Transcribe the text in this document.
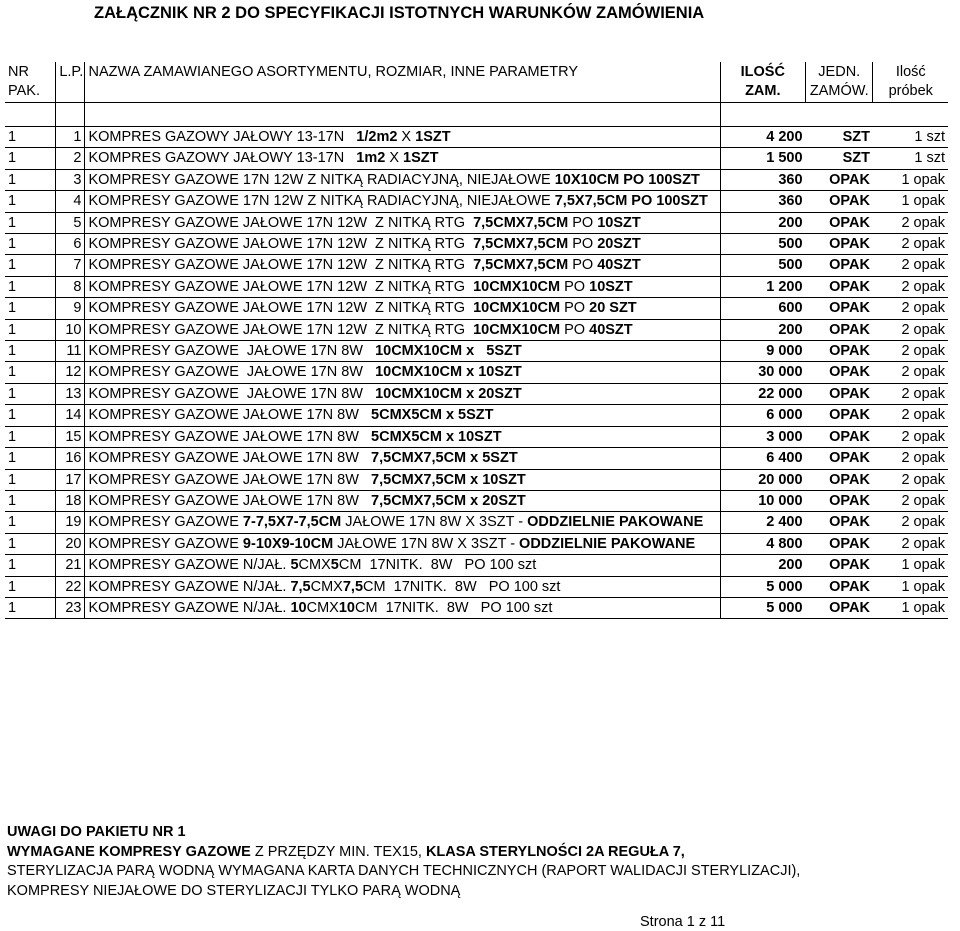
ZAŁĄCZNIK NR 2 DO SPECYFIKACJI ISTOTNYCH WARUNKÓW ZAMÓWIENIA
NR PAK.	L.P.	NAZWA ZAMAWIANEGO ASORTYMENTU, ROZMIAR, INNE PARAMETRY	ILOŚĆ ZAM.	JEDN. ZAMÓW.	Ilość próbek

1	1	KOMPRES GAZOWY JAŁOWY 13-17N   1/2m2 X 1SZT	4 200	SZT	1 szt
1	2	KOMPRES GAZOWY JAŁOWY 13-17N   1m2 X 1SZT	1 500	SZT	1 szt
1	3	KOMPRESY GAZOWE 17N 12W Z NITKĄ RADIACYJNĄ, NIEJAŁOWE 10X10CM PO 100SZT	360	OPAK	1 opak
1	4	KOMPRESY GAZOWE 17N 12W Z NITKĄ RADIACYJNĄ, NIEJAŁOWE 7,5X7,5CM PO 100SZT	360	OPAK	1 opak
1	5	KOMPRESY GAZOWE JAŁOWE 17N 12W  Z NITKĄ RTG  7,5CMX7,5CM PO 10SZT	200	OPAK	2 opak
1	6	KOMPRESY GAZOWE JAŁOWE 17N 12W  Z NITKĄ RTG  7,5CMX7,5CM PO 20SZT	500	OPAK	2 opak
1	7	KOMPRESY GAZOWE JAŁOWE 17N 12W  Z NITKĄ RTG  7,5CMX7,5CM PO 40SZT	500	OPAK	2 opak
1	8	KOMPRESY GAZOWE JAŁOWE 17N 12W  Z NITKĄ RTG  10CMX10CM PO 10SZT	1 200	OPAK	2 opak
1	9	KOMPRESY GAZOWE JAŁOWE 17N 12W  Z NITKĄ RTG  10CMX10CM PO 20 SZT	600	OPAK	2 opak
1	10	KOMPRESY GAZOWE JAŁOWE 17N 12W  Z NITKĄ RTG  10CMX10CM PO 40SZT	200	OPAK	2 opak
1	11	KOMPRESY GAZOWE  JAŁOWE 17N 8W   10CMX10CM x   5SZT	9 000	OPAK	2 opak
1	12	KOMPRESY GAZOWE  JAŁOWE 17N 8W   10CMX10CM x 10SZT	30 000	OPAK	2 opak
1	13	KOMPRESY GAZOWE  JAŁOWE 17N 8W   10CMX10CM x 20SZT	22 000	OPAK	2 opak
1	14	KOMPRESY GAZOWE JAŁOWE 17N 8W   5CMX5CM x 5SZT	6 000	OPAK	2 opak
1	15	KOMPRESY GAZOWE JAŁOWE 17N 8W   5CMX5CM x 10SZT	3 000	OPAK	2 opak
1	16	KOMPRESY GAZOWE JAŁOWE 17N 8W   7,5CMX7,5CM x 5SZT	6 400	OPAK	2 opak
1	17	KOMPRESY GAZOWE JAŁOWE 17N 8W   7,5CMX7,5CM x 10SZT	20 000	OPAK	2 opak
1	18	KOMPRESY GAZOWE JAŁOWE 17N 8W   7,5CMX7,5CM x 20SZT	10 000	OPAK	2 opak
1	19	KOMPRESY GAZOWE 7-7,5X7-7,5CM JAŁOWE 17N 8W X 3SZT - ODDZIELNIE PAKOWANE	2 400	OPAK	2 opak
1	20	KOMPRESY GAZOWE 9-10X9-10CM JAŁOWE 17N 8W X 3SZT - ODDZIELNIE PAKOWANE	4 800	OPAK	2 opak
1	21	KOMPRESY GAZOWE N/JAŁ. 5CMX5CM  17NITK.  8W   PO 100 szt	200	OPAK	1 opak
1	22	KOMPRESY GAZOWE N/JAŁ. 7,5CMX7,5CM  17NITK.  8W   PO 100 szt	5 000	OPAK	1 opak
1	23	KOMPRESY GAZOWE N/JAŁ. 10CMX10CM  17NITK.  8W   PO 100 szt	5 000	OPAK	1 opak
UWAGI DO PAKIETU NR 1
WYMAGANE KOMPRESY GAZOWE Z PRZĘDZY MIN. TEX15, KLASA STERYLNOŚCI 2A REGUŁA 7,
STERYLIZACJA PARĄ WODNĄ WYMAGANA KARTA DANYCH TECHNICZNYCH (RAPORT WALIDACJI STERYLIZACJI),
KOMPRESY NIEJAŁOWE DO STERYLIZACJI TYLKO PARĄ WODNĄ
Strona 1 z 11
